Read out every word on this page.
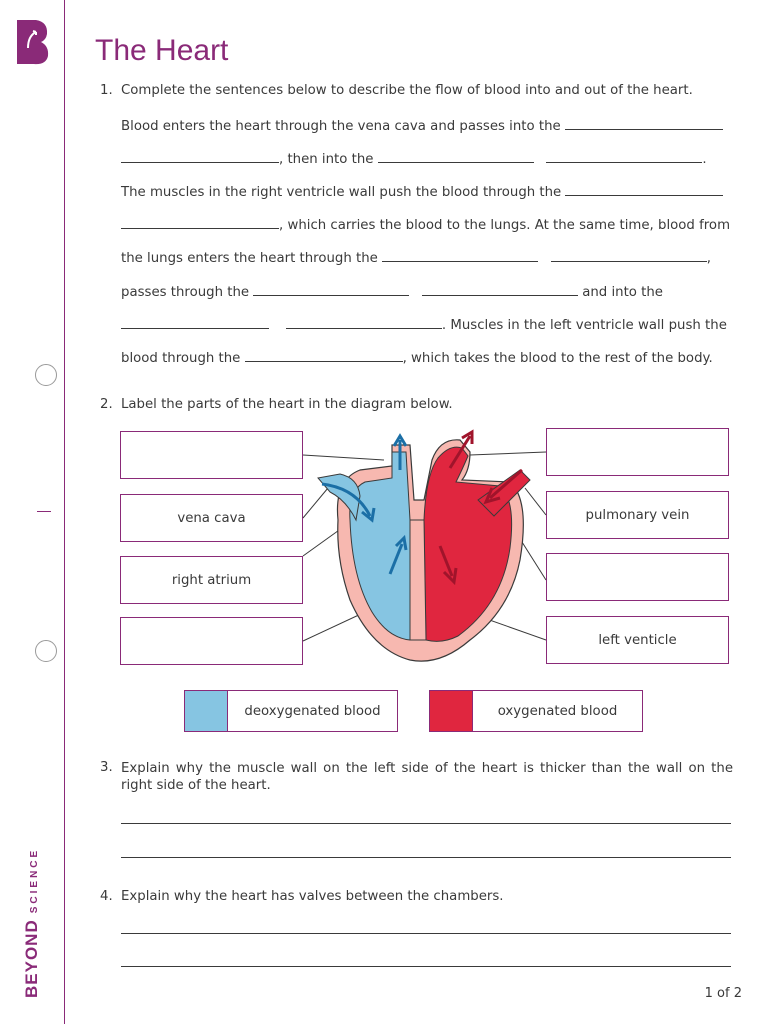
BEYONDSCIENCE
The Heart
1. Complete the sentences below to describe the flow of blood into and out of the heart.
Blood enters the heart through the vena cava and passes into the
, then into the	.
The muscles in the right ventricle wall push the blood through the
, which carries the blood to the lungs. At the same time, blood from
the lungs enters the heart through the	,
passes through the	and into the
. Muscles in the left ventricle wall push the
blood through the	, which takes the blood to the rest of the body.
2. Label the parts of the heart in the diagram below.
vena cava
right atrium
pulmonary vein
left venticle
deoxygenated blood	oxygenated blood
3. Explain why the muscle wall on the left side of the heart is thicker than the wall on the right side of the heart.
4. Explain why the heart has valves between the chambers.
1 of 2
